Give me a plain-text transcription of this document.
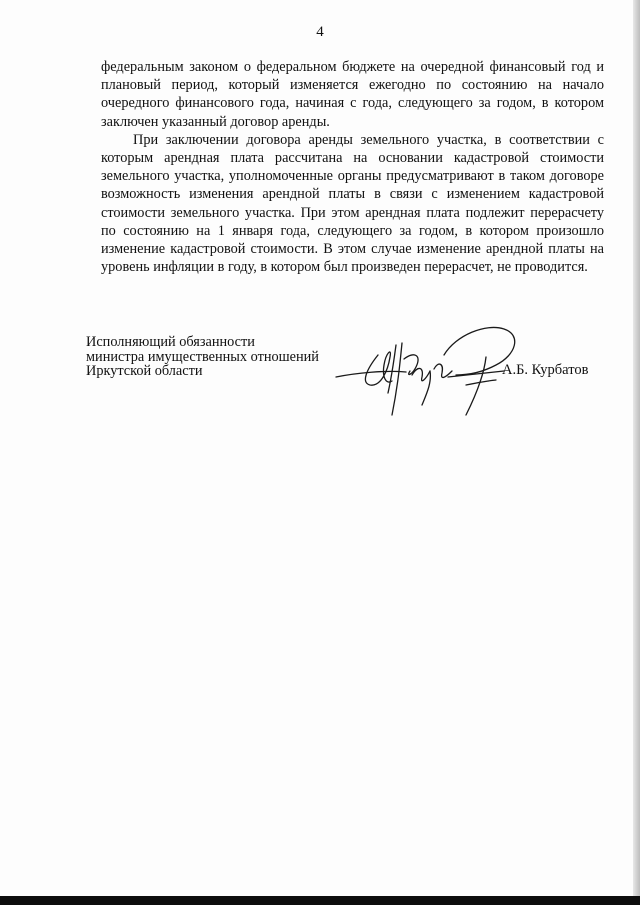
4

федеральным законом о федеральном бюджете на очередной финансовый год и плановый период, который изменяется ежегодно по состоянию на начало очередного финансового года, начиная с года, следующего за годом, в котором заключен указанный договор аренды.

При заключении договора аренды земельного участка, в соответствии с которым арендная плата рассчитана на основании кадастровой стоимости земельного участка, уполномоченные органы предусматривают в таком договоре возможность изменения арендной платы в связи с изменением кадастровой стоимости земельного участка. При этом арендная плата подлежит перерасчету по состоянию на 1 января года, следующего за годом, в котором произошло изменение кадастровой стоимости. В этом случае изменение арендной платы на уровень инфляции в году, в котором был произведен перерасчет, не проводится.

Исполняющий обязанности
министра имущественных отношений
Иркутской области	А.Б. Курбатов
